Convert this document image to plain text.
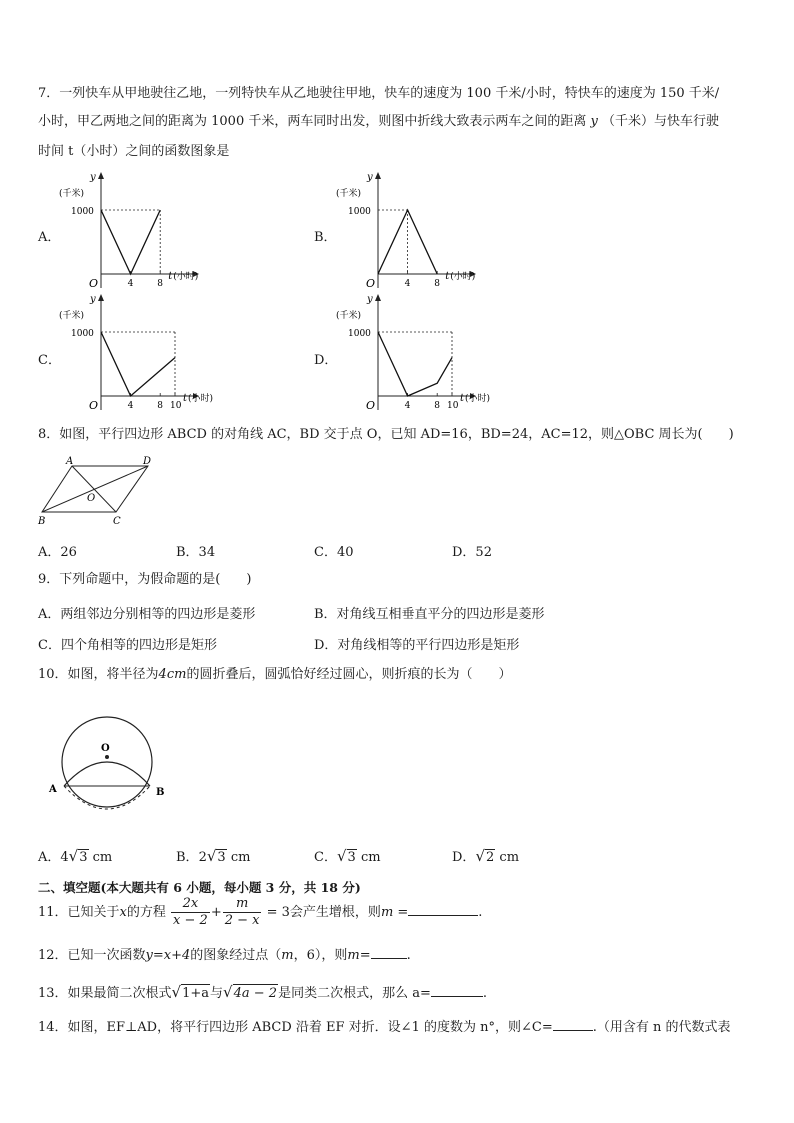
7．一列快车从甲地驶往乙地，一列特快车从乙地驶往甲地，快车的速度为 100 千米/小时，特快车的速度为 150 千米/
小时，甲乙两地之间的距离为 1000 千米，两车同时出发，则图中折线大致表示两车之间的距离 y （千米）与快车行驶
时间 t（小时）之间的函数图象是
A．	B．
C．	D．
y
(千米)
1000
O
t (小时)
4	8
y
(千米)
1000
O
t (小时)
4	8
y
(千米)
1000
O
t (小时)
4	8 10
y
(千米)
1000
O
t (小时)
4	8 10
8．如图，平行四边形 ABCD 的对角线 AC，BD 交于点 O，已知 AD=16，BD=24，AC=12，则△OBC 周长为(　　)
A	D
B	C
O
A．26	B．34	C．40	D．52
9．下列命题中，为假命题的是(　　)
A．两组邻边分别相等的四边形是菱形	B．对角线互相垂直平分的四边形是菱形
C．四个角相等的四边形是矩形	D．对角线相等的平行四边形是矩形
10．如图，将半径为4cm的圆折叠后，圆弧恰好经过圆心，则折痕的长为（　　）
O
A	B
A．4√3 cm	B．2√3 cm	C．√3 cm	D．√2 cm
二、填空题(本大题共有 6 小题，每小题 3 分，共 18 分)
11．已知关于x的方程 $\frac{2x}{x - 2} + \frac{m}{2 - x} = 3$会产生增根，则m =	.
12．已知一次函数y=x+4的图象经过点（m，6），则m=	.
13．如果最简二次根式√1+a与√4a − 2是同类二次根式，那么 a=	.
14．如图，EF⊥AD，将平行四边形 ABCD 沿着 EF 对折．设∠1 的度数为 n°，则∠C=	.（用含有 n 的代数式表
